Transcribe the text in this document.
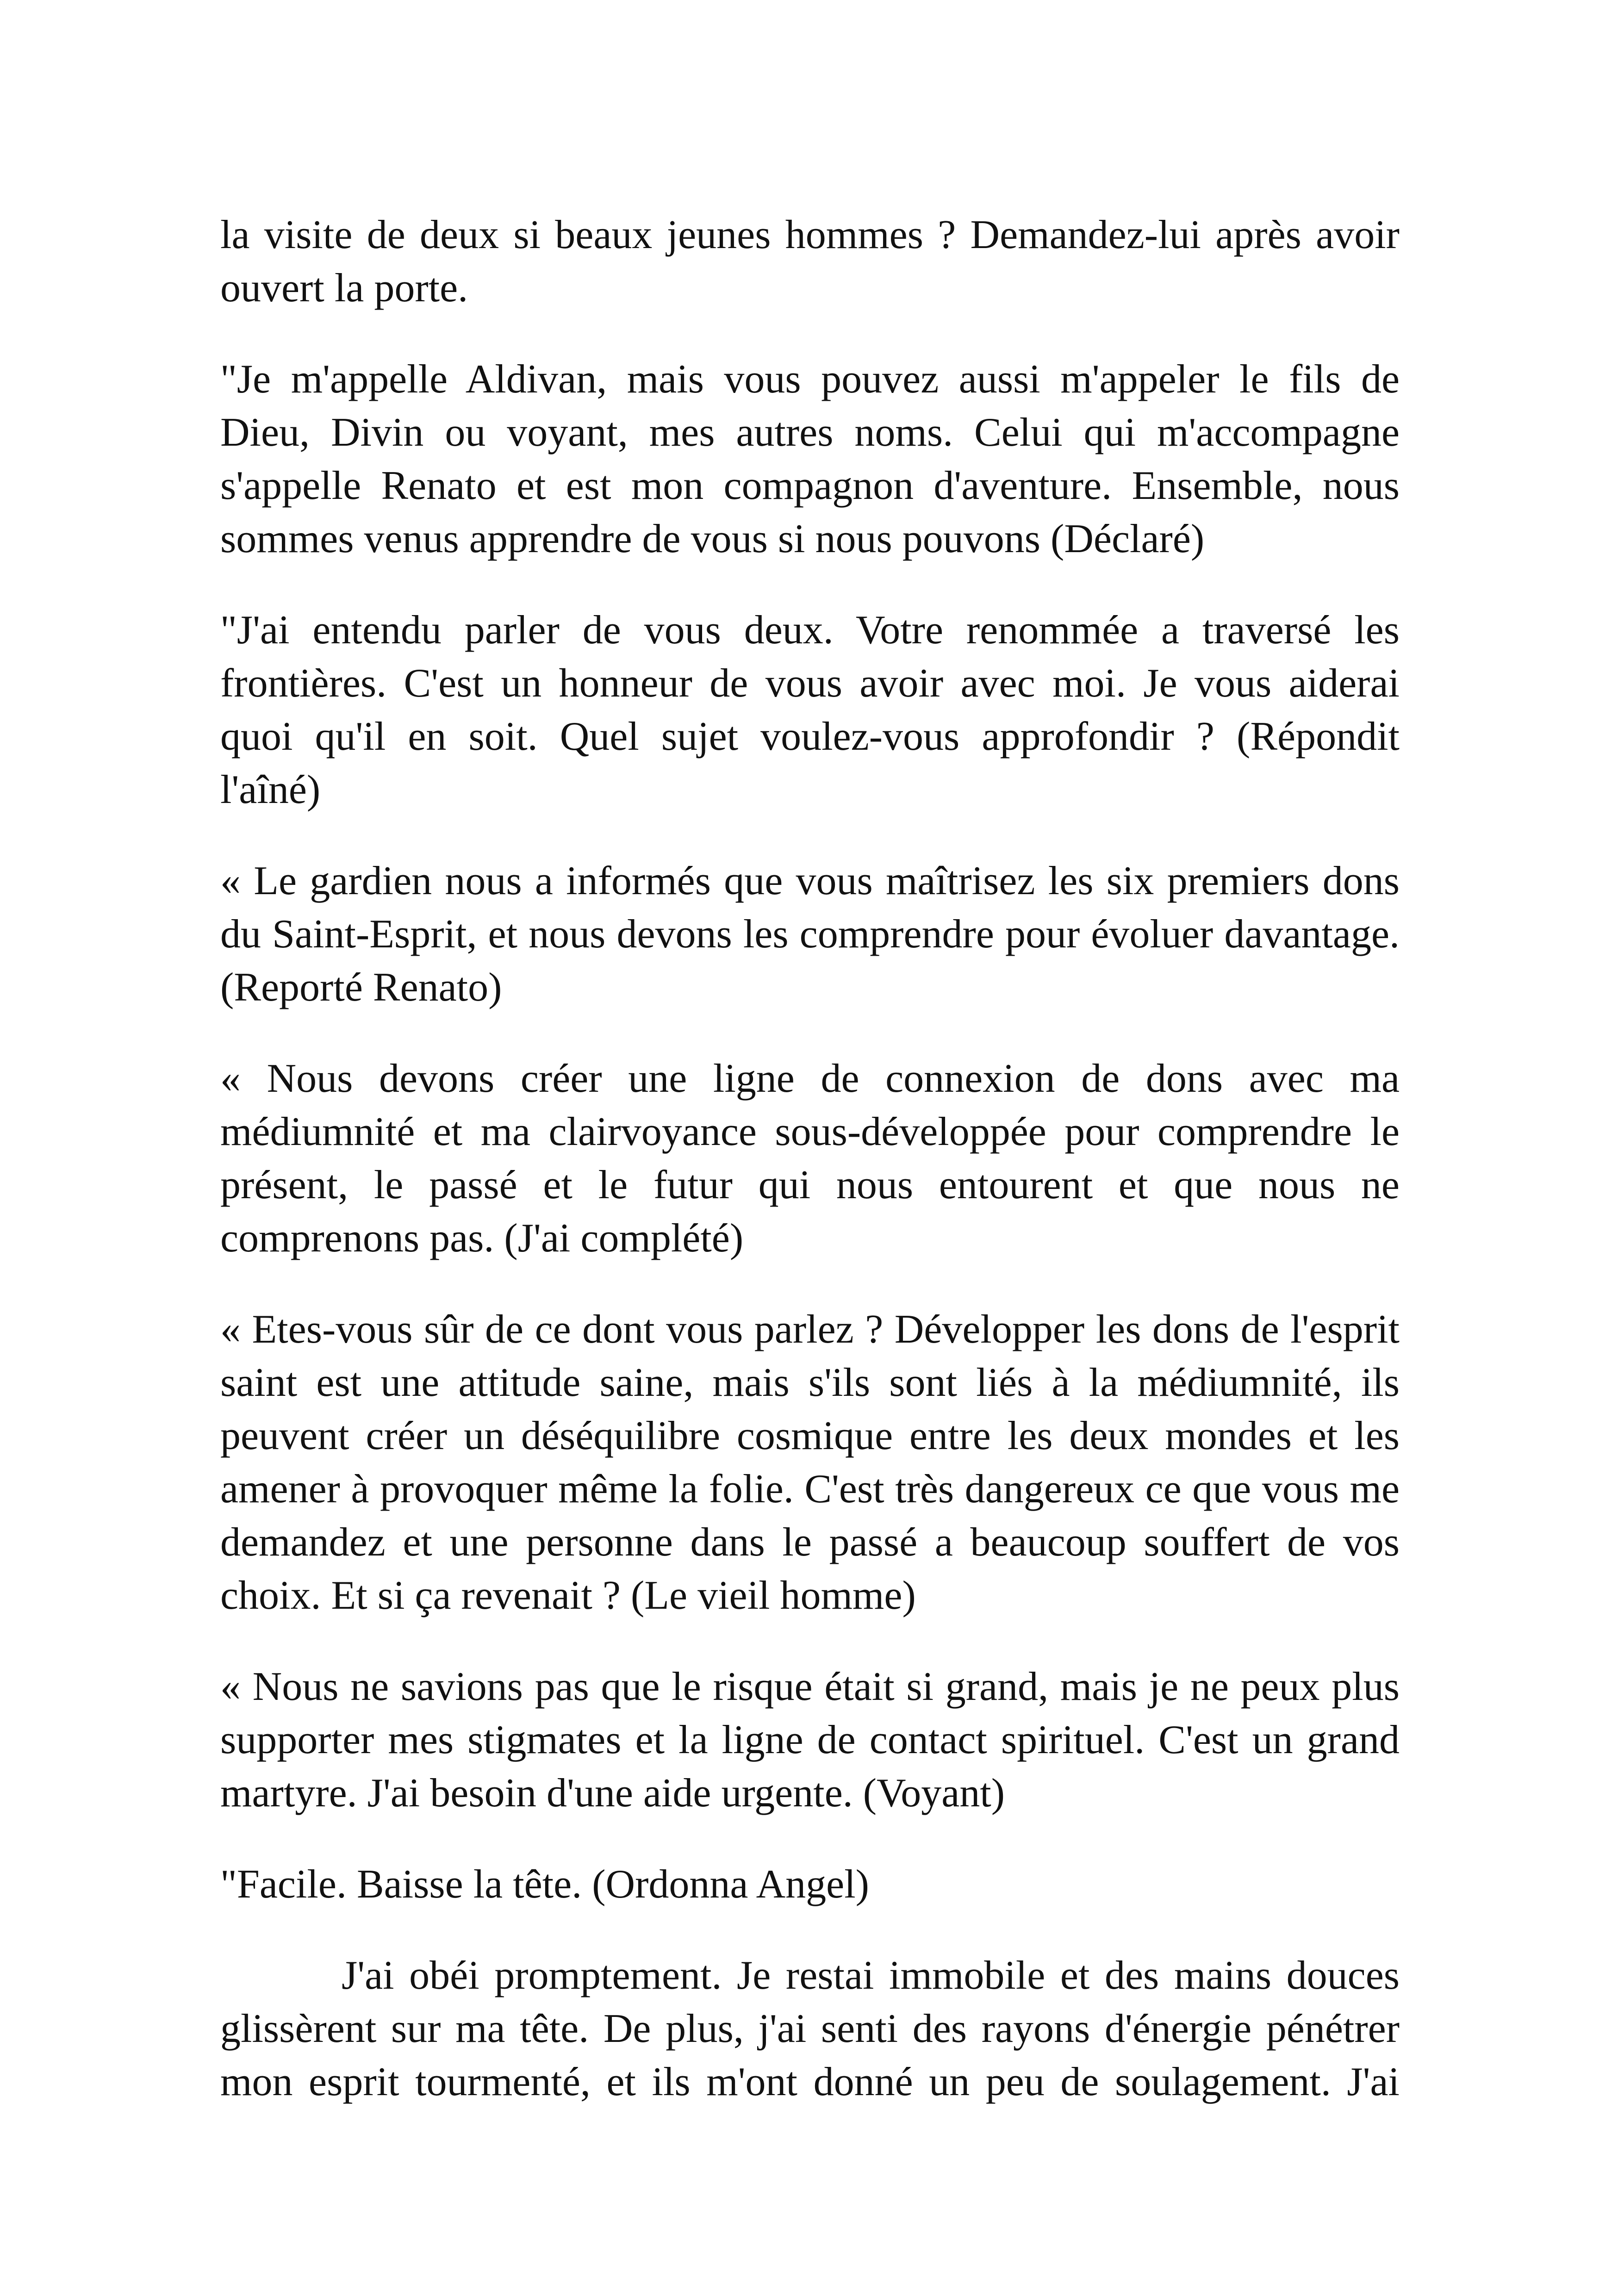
la visite de deux si beaux jeunes hommes ? Demandez-lui après avoir ouvert la porte.

"Je m'appelle Aldivan, mais vous pouvez aussi m'appeler le fils de Dieu, Divin ou voyant, mes autres noms. Celui qui m'accompagne s'appelle Renato et est mon compagnon d'aventure. Ensemble, nous sommes venus apprendre de vous si nous pouvons (Déclaré)

"J'ai entendu parler de vous deux. Votre renommée a traversé les frontières. C'est un honneur de vous avoir avec moi. Je vous aiderai quoi qu'il en soit. Quel sujet voulez-vous approfondir ? (Répondit l'aîné)

« Le gardien nous a informés que vous maîtrisez les six premiers dons du Saint-Esprit, et nous devons les comprendre pour évoluer davantage. (Reporté Renato)

« Nous devons créer une ligne de connexion de dons avec ma médiumnité et ma clairvoyance sous-développée pour comprendre le présent, le passé et le futur qui nous entourent et que nous ne comprenons pas. (J'ai complété)

« Etes-vous sûr de ce dont vous parlez ? Développer les dons de l'esprit saint est une attitude saine, mais s'ils sont liés à la médiumnité, ils peuvent créer un déséquilibre cosmique entre les deux mondes et les amener à provoquer même la folie. C'est très dangereux ce que vous me demandez et une personne dans le passé a beaucoup souffert de vos choix. Et si ça revenait ? (Le vieil homme)

« Nous ne savions pas que le risque était si grand, mais je ne peux plus supporter mes stigmates et la ligne de contact spirituel. C'est un grand martyre. J'ai besoin d'une aide urgente. (Voyant)

"Facile. Baisse la tête. (Ordonna Angel)

J'ai obéi promptement. Je restai immobile et des mains douces glissèrent sur ma tête. De plus, j'ai senti des rayons d'énergie pénétrer mon esprit tourmenté, et ils m'ont donné un peu de soulagement. J'ai
